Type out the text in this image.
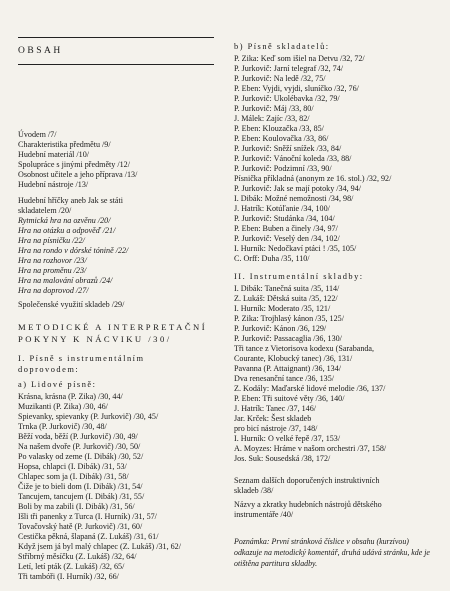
OBSAH
Úvodem /7/
Charakteristika předmětu /9/
Hudební materiál /10/
Spolupráce s jinými předměty /12/
Osobnost učitele a jeho příprava /13/
Hudební nástroje /13/
Hudební hříčky aneb Jak se státi
skladatelem /20/
Rytmická hra na ozvěnu /20/
Hra na otázku a odpověď /21/
Hra na písničku /22/
Hra na rondo v dórské tónině /22/
Hra na rozhovor /23/
Hra na proměnu /23/
Hra na malování obrazů /24/
Hra na doprovod /27/
Společenské využití skladeb /29/
METODICKÉ A INTERPRETAČNÍ
POKYNY K NÁCVIKU /30/
I. Písně s instrumentálním
doprovodem:
a) Lidové písně:
Krásna, krásna (P. Zika) /30, 44/
Muzikanti (P. Zika) /30, 46/
Spievanky, spievanky (P. Jurkovič) /30, 45/
Trnka (P. Jurkovič) /30, 48/
Běží voda, běží (P. Jurkovič) /30, 49/
Na našem dvoře (P. Jurkovič) /30, 50/
Po valasky od zeme (I. Dibák) /30, 52/
Hopsa, chlapci (I. Dibák) /31, 53/
Chlapec som ja (I. Dibák) /31, 58/
Čiže je to bieli dom (I. Dibák) /31, 54/
Tancujem, tancujem (I. Dibák) /31, 55/
Boli by ma zabili (I. Dibák) /31, 56/
Išli tři panenky z Turca (I. Hurník) /31, 57/
Tovačovský hatě (P. Jurkovič) /31, 60/
Cestička pěkná, šlapaná (Z. Lukáš) /31, 61/
Když jsem já byl malý chlapec (Z. Lukáš) /31, 62/
Stříbrný měsíčku (Z. Lukáš) /32, 64/
Letí, letí pták (Z. Lukáš) /32, 65/
Tři tambóři (I. Hurník) /32, 66/
b) Písně skladatelů:
P. Zika: Keď som išiel na Detvu /32, 72/
P. Jurkovič: Jarní telegraf /32, 74/
P. Jurkovič: Na ledě /32, 75/
P. Eben: Vyjdi, vyjdi, sluníčko /32, 76/
P. Jurkovič: Ukolébavka /32, 79/
P. Jurkovič: Máj /33, 80/
J. Málek: Zajíc /33, 82/
P. Eben: Klouzačka /33, 85/
P. Eben: Koulovačka /33, 86/
P. Jurkovič: Sněží snížek /33, 84/
P. Jurkovič: Vánoční koleda /33, 88/
P. Jurkovič: Podzimní /33, 90/
Písnička příkladná (anonym ze 16. stol.) /32, 92/
P. Jurkovič: Jak se mají potoky /34, 94/
I. Dibák: Možné nemožnosti /34, 98/
J. Hatrík: Kotúľanie /34, 100/
P. Jurkovič: Studánka /34, 104/
P. Eben: Buben a činely /34, 97/
P. Jurkovič: Veselý den /34, 102/
I. Hurník: Nedočkaví ptáci ! /35, 105/
C. Orff: Duha /35, 110/
II. Instrumentální skladby:
I. Dibák: Tanečná suita /35, 114/
Z. Lukáš: Dětská suita /35, 122/
I. Hurník: Moderato /35, 121/
P. Zika: Trojhlasý kánon /35, 125/
P. Jurkovič: Kánon /36, 129/
P. Jurkovič: Passacaglia /36, 130/
Tři tance z Vietorisova kodexu (Sarabanda,
Courante, Klobucký tanec) /36, 131/
Pavanna (P. Attaignant) /36, 134/
Dva renesanční tance /36, 135/
Z. Kodály: Maďarské lidové melodie /36, 137/
P. Eben: Tři suitové věty /36, 140/
J. Hatrík: Tanec /37, 146/
Jar. Krček: Šest skladeb
pro bicí nástroje /37, 148/
I. Hurník: O velké řepě /37, 153/
A. Moyzes: Hráme v našom orchestri /37, 158/
Jos. Suk: Sousedská /38, 172/
Seznam dalších doporučených instruktivních
skladeb /38/
Názvy a zkratky hudebních nástrojů dětského
instrumentáře /40/
Poznámka: První stránková číslice v obsahu (kurzívou) odkazuje na metodický komentář, druhá udává stránku, kde je otištěna partitura skladby.
